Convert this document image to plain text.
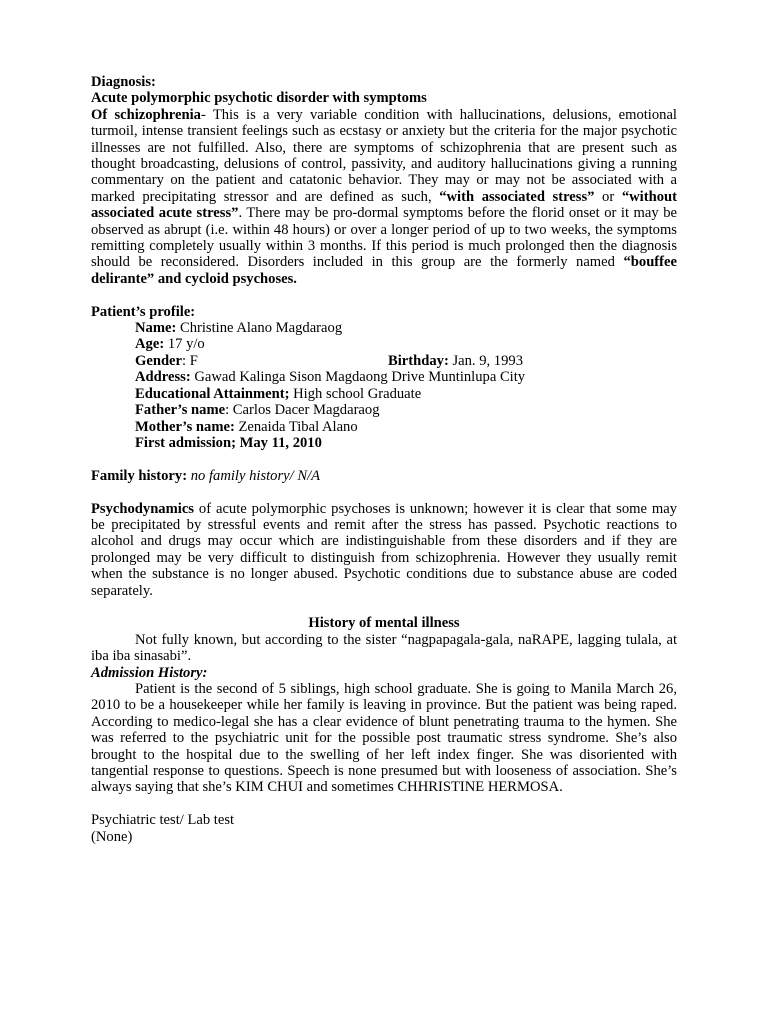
Diagnosis:

Acute polymorphic psychotic disorder with symptoms

Of schizophrenia- This is a very variable condition with hallucinations, delusions, emotional turmoil, intense transient feelings such as ecstasy or anxiety but the criteria for the major psychotic illnesses are not fulfilled. Also, there are symptoms of schizophrenia that are present such as thought broadcasting, delusions of control, passivity, and auditory hallucinations giving a running commentary on the patient and catatonic behavior. They may or may not be associated with a marked precipitating stressor and are defined as such, “with associated stress” or “without associated acute stress”. There may be pro-dormal symptoms before the florid onset or it may be observed as abrupt (i.e. within 48 hours) or over a longer period of up to two weeks, the symptoms remitting completely usually within 3 months. If this period is much prolonged then the diagnosis should be reconsidered. Disorders included in this group are the formerly named “bouffee delirante” and cycloid psychoses.

Patient’s profile:

Name: Christine Alano Magdaraog

Age: 17 y/o

Gender: F	Birthday: Jan. 9, 1993

Address: Gawad Kalinga Sison Magdaong Drive Muntinlupa City

Educational Attainment; High school Graduate

Father’s name: Carlos Dacer Magdaraog

Mother’s name: Zenaida Tibal Alano

First admission; May 11, 2010

Family history: no family history/ N/A

Psychodynamics of acute polymorphic psychoses is unknown; however it is clear that some may be precipitated by stressful events and remit after the stress has passed. Psychotic reactions to alcohol and drugs may occur which are indistinguishable from these disorders and if they are prolonged may be very difficult to distinguish from schizophrenia. However they usually remit when the substance is no longer abused. Psychotic conditions due to substance abuse are coded separately.

History of mental illness

Not fully known, but according to the sister “nagpapagala-gala, naRAPE, lagging tulala, at iba iba sinasabi”.

Admission History:

Patient is the second of 5 siblings, high school graduate. She is going to Manila March 26, 2010 to be a housekeeper while her family is leaving in province. But the patient was being raped. According to medico-legal she has a clear evidence of blunt penetrating trauma to the hymen. She was referred to the psychiatric unit for the possible post traumatic stress syndrome. She’s also brought to the hospital due to the swelling of her left index finger. She was disoriented with tangential response to questions. Speech is none presumed but with looseness of association. She’s always saying that she’s KIM CHUI and sometimes CHHRISTINE HERMOSA.

Psychiatric test/ Lab test

(None)
